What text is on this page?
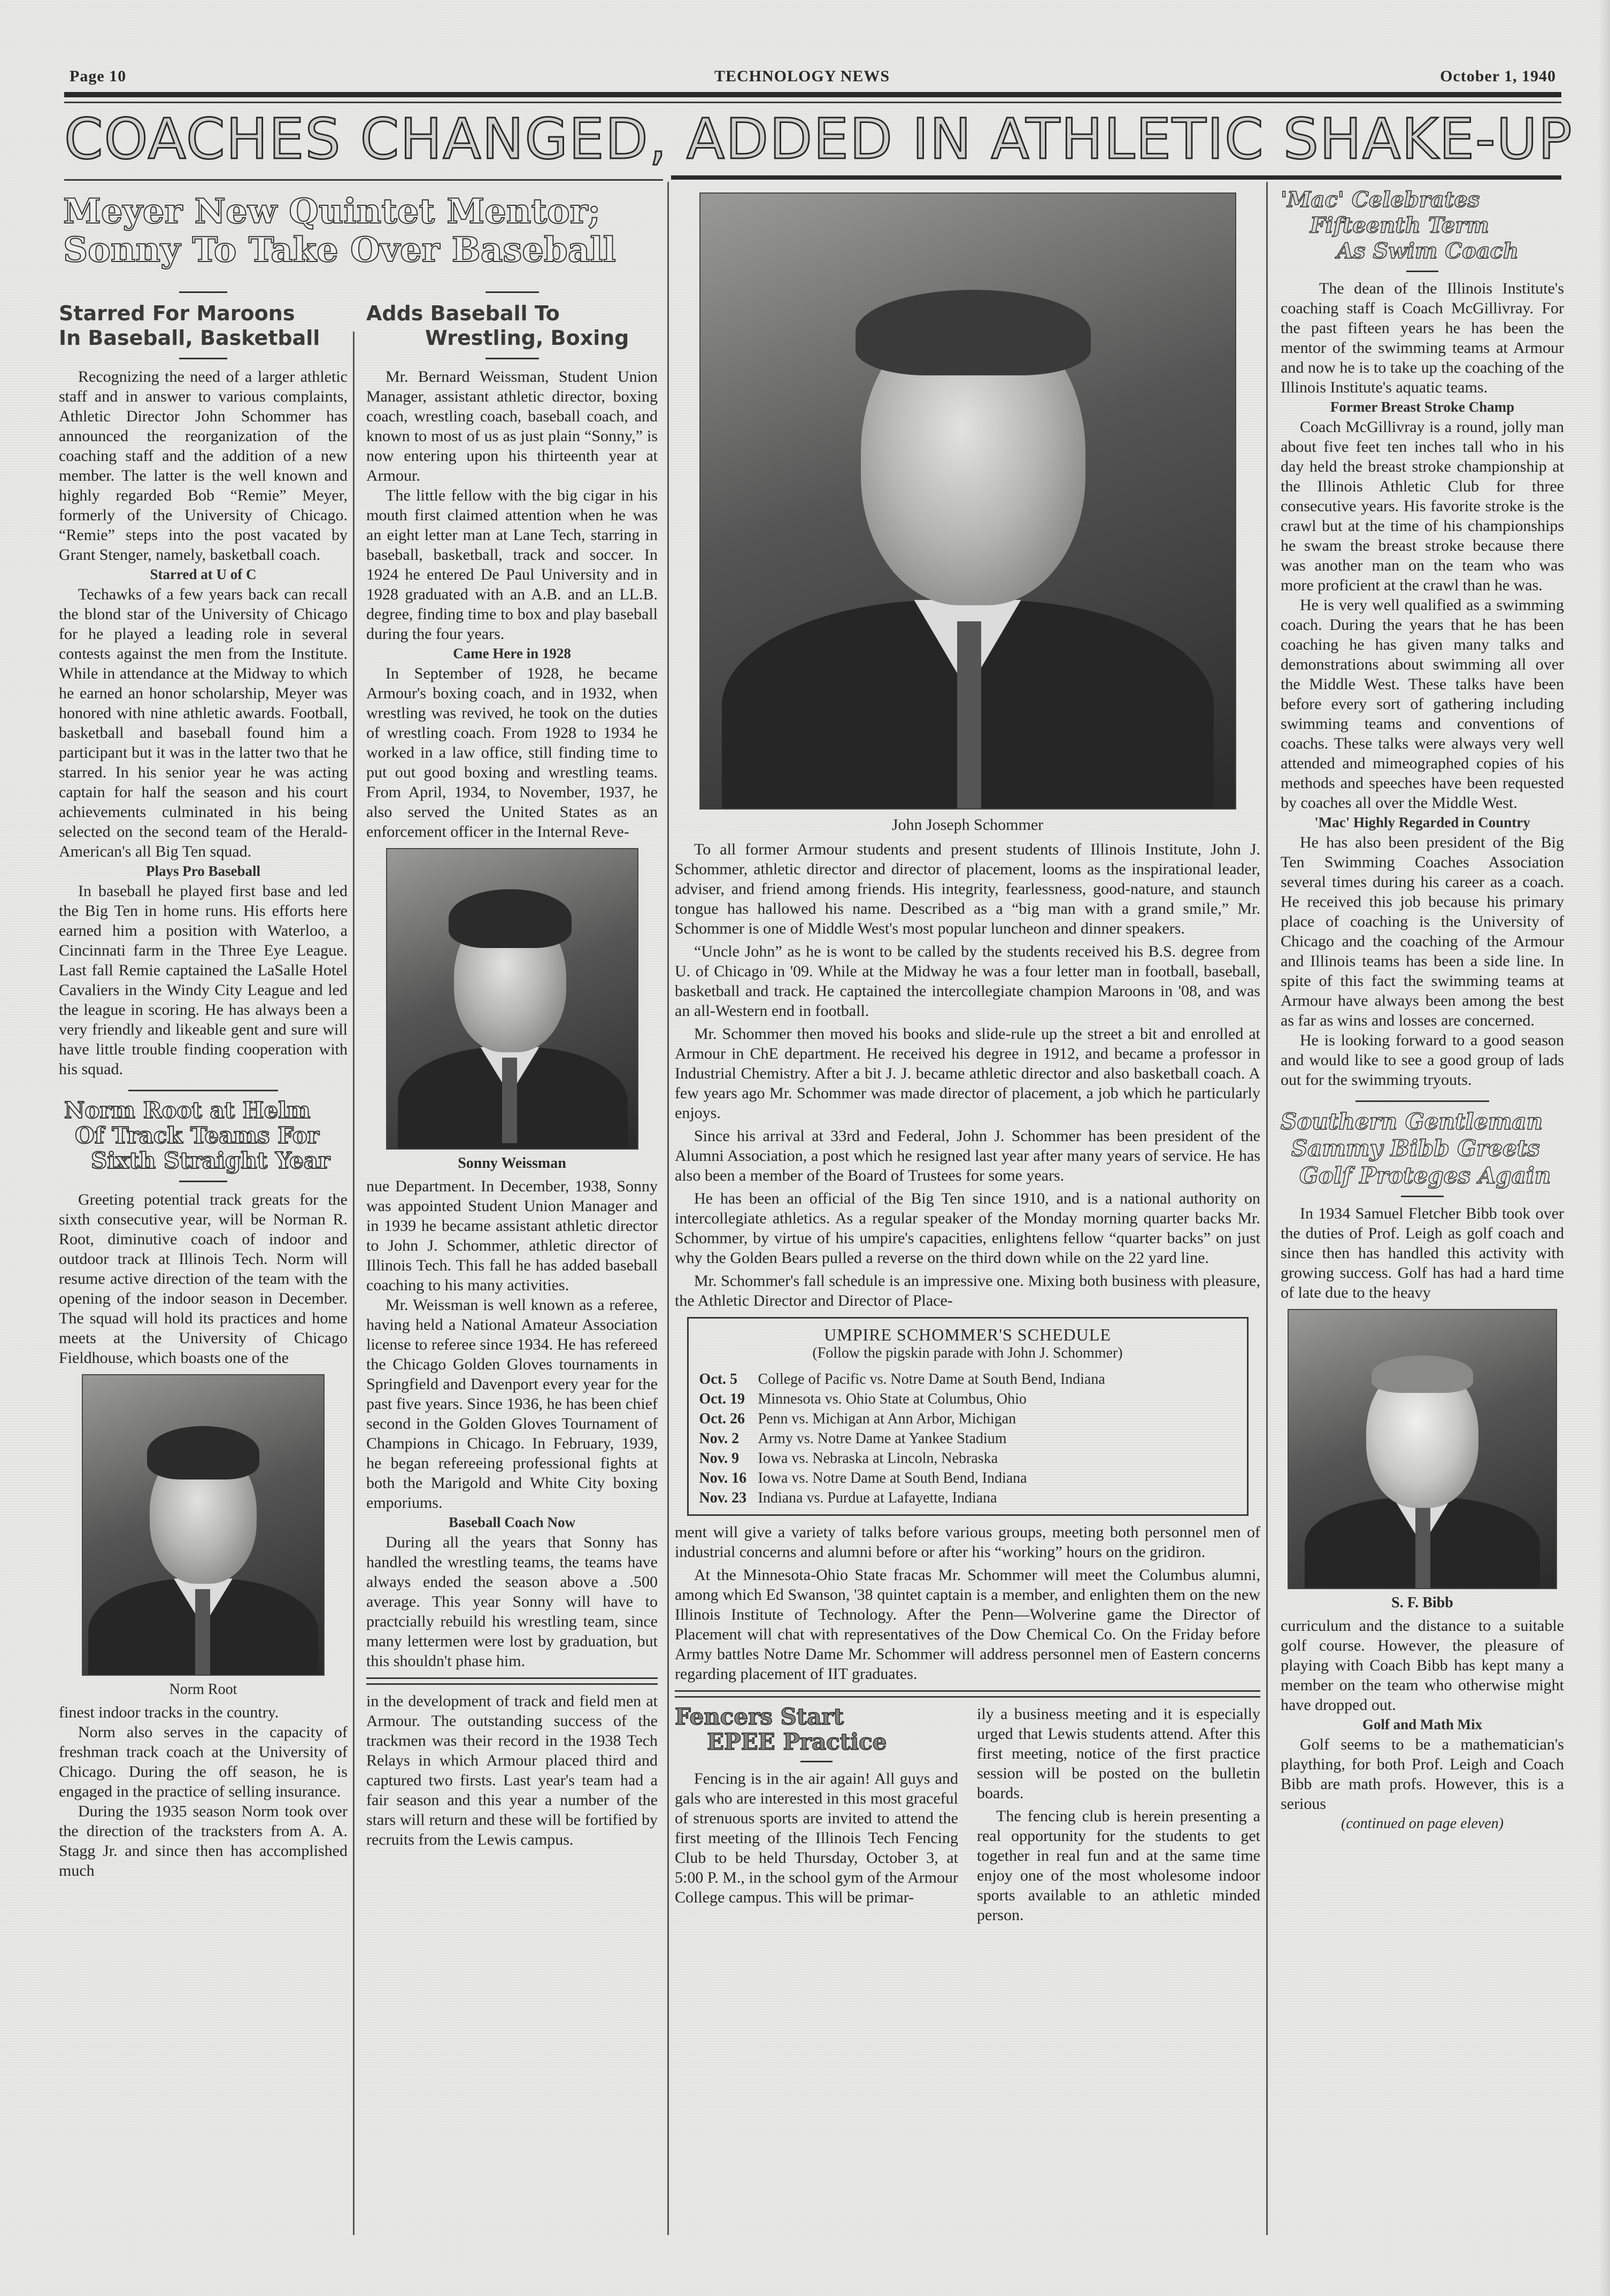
Page 10	TECHNOLOGY NEWS	October 1, 1940
COACHES CHANGED, ADDED IN ATHLETIC SHAKE-UP
Meyer New Quintet Mentor;
Sonny To Take Over Baseball
Starred For Maroons
In Baseball, Basketball

Recognizing the need of a larger athletic staff and in answer to various complaints, Athletic Director John Schommer has announced the reorganization of the coaching staff and the addition of a new member. The latter is the well known and highly regarded Bob “Remie” Meyer, formerly of the University of Chicago. “Remie” steps into the post vacated by Grant Stenger, namely, basketball coach.

Starred at U of C

Techawks of a few years back can recall the blond star of the University of Chicago for he played a leading role in several contests against the men from the Institute. While in attendance at the Midway to which he earned an honor scholarship, Meyer was honored with nine athletic awards. Football, basketball and baseball found him a participant but it was in the latter two that he starred. In his senior year he was acting captain for half the season and his court achievements culminated in his being selected on the second team of the Herald-American's all Big Ten squad.

Plays Pro Baseball

In baseball he played first base and led the Big Ten in home runs. His efforts here earned him a position with Waterloo, a Cincinnati farm in the Three Eye League. Last fall Remie captained the LaSalle Hotel Cavaliers in the Windy City League and led the league in scoring. He has always been a very friendly and likeable gent and sure will have little trouble finding cooperation with his squad.

Norm Root at Helm
Of Track Teams For
Sixth Straight Year

Greeting potential track greats for the sixth consecutive year, will be Norman R. Root, diminutive coach of indoor and outdoor track at Illinois Tech. Norm will resume active direction of the team with the opening of the indoor season in December. The squad will hold its practices and home meets at the University of Chicago Fieldhouse, which boasts one of the

Norm Root

finest indoor tracks in the country.

Norm also serves in the capacity of freshman track coach at the University of Chicago. During the off season, he is engaged in the practice of selling insurance.

During the 1935 season Norm took over the direction of the tracksters from A. A. Stagg Jr. and since then has accomplished much

Adds Baseball To
Wrestling, Boxing

Mr. Bernard Weissman, Student Union Manager, assistant athletic director, boxing coach, wrestling coach, baseball coach, and known to most of us as just plain “Sonny,” is now entering upon his thirteenth year at Armour.

The little fellow with the big cigar in his mouth first claimed attention when he was an eight letter man at Lane Tech, starring in baseball, basketball, track and soccer. In 1924 he entered De Paul University and in 1928 graduated with an A.B. and an LL.B. degree, finding time to box and play baseball during the four years.

Came Here in 1928

In September of 1928, he became Armour's boxing coach, and in 1932, when wrestling was revived, he took on the duties of wrestling coach. From 1928 to 1934 he worked in a law office, still finding time to put out good boxing and wrestling teams. From April, 1934, to November, 1937, he also served the United States as an enforcement officer in the Internal Reve-

Sonny Weissman

nue Department. In December, 1938, Sonny was appointed Student Union Manager and in 1939 he became assistant athletic director to John J. Schommer, athletic director of Illinois Tech. This fall he has added baseball coaching to his many activities.

Mr. Weissman is well known as a referee, having held a National Amateur Association license to referee since 1934. He has refereed the Chicago Golden Gloves tournaments in Springfield and Davenport every year for the past five years. Since 1936, he has been chief second in the Golden Gloves Tournament of Champions in Chicago. In February, 1939, he began refereeing professional fights at both the Marigold and White City boxing emporiums.

Baseball Coach Now

During all the years that Sonny has handled the wrestling teams, the teams have always ended the season above a .500 average. This year Sonny will have to practcially rebuild his wrestling team, since many lettermen were lost by graduation, but this shouldn't phase him.

in the development of track and field men at Armour. The outstanding success of the trackmen was their record in the 1938 Tech Relays in which Armour placed third and captured two firsts. Last year's team had a fair season and this year a number of the stars will return and these will be fortified by recruits from the Lewis campus.

John Joseph Schommer

To all former Armour students and present students of Illinois Institute, John J. Schommer, athletic director and director of placement, looms as the inspirational leader, adviser, and friend among friends. His integrity, fearlessness, good-nature, and staunch tongue has hallowed his name. Described as a “big man with a grand smile,” Mr. Schommer is one of Middle West's most popular luncheon and dinner speakers.

“Uncle John” as he is wont to be called by the students received his B.S. degree from U. of Chicago in '09. While at the Midway he was a four letter man in football, baseball, basketball and track. He captained the intercollegiate champion Maroons in '08, and was an all-Western end in football.

Mr. Schommer then moved his books and slide-rule up the street a bit and enrolled at Armour in ChE department. He received his degree in 1912, and became a professor in Industrial Chemistry. After a bit J. J. became athletic director and also basketball coach. A few years ago Mr. Schommer was made director of placement, a job which he particularly enjoys.

Since his arrival at 33rd and Federal, John J. Schommer has been president of the Alumni Association, a post which he resigned last year after many years of service. He has also been a member of the Board of Trustees for some years.

He has been an official of the Big Ten since 1910, and is a national authority on intercollegiate athletics. As a regular speaker of the Monday morning quarter backs Mr. Schommer, by virtue of his umpire's capacities, enlightens fellow “quarter backs” on just why the Golden Bears pulled a reverse on the third down while on the 22 yard line.

Mr. Schommer's fall schedule is an impressive one. Mixing both business with pleasure, the Athletic Director and Director of Place-

UMPIRE SCHOMMER'S SCHEDULE
(Follow the pigskin parade with John J. Schommer)
Oct. 5	College of Pacific vs. Notre Dame at South Bend, Indiana
Oct. 19 Minnesota vs. Ohio State at Columbus, Ohio
Oct. 26 Penn vs. Michigan at Ann Arbor, Michigan
Nov. 2	Army vs. Notre Dame at Yankee Stadium
Nov. 9	Iowa vs. Nebraska at Lincoln, Nebraska
Nov. 16 Iowa vs. Notre Dame at South Bend, Indiana
Nov. 23 Indiana vs. Purdue at Lafayette, Indiana

ment will give a variety of talks before various groups, meeting both personnel men of industrial concerns and alumni before or after his “working” hours on the gridiron.

At the Minnesota-Ohio State fracas Mr. Schommer will meet the Columbus alumni, among which Ed Swanson, '38 quintet captain is a member, and enlighten them on the new Illinois Institute of Technology. After the Penn—Wolverine game the Director of Placement will chat with representatives of the Dow Chemical Co. On the Friday before Army battles Notre Dame Mr. Schommer will address personnel men of Eastern concerns regarding placement of IIT graduates.

Fencers Start
EPEE Practice

Fencing is in the air again! All guys and gals who are interested in this most graceful of strenuous sports are invited to attend the first meeting of the Illinois Tech Fencing Club to be held Thursday, October 3, at 5:00 P. M., in the school gym of the Armour College campus. This will be primar-

ily a business meeting and it is especially urged that Lewis students attend. After this first meeting, notice of the first practice session will be posted on the bulletin boards.

The fencing club is herein presenting a real opportunity for the students to get together in real fun and at the same time enjoy one of the most wholesome indoor sports available to an athletic minded person.

'Mac' Celebrates
Fifteenth Term
As Swim Coach

The dean of the Illinois Institute's coaching staff is Coach McGillivray. For the past fifteen years he has been the mentor of the swimming teams at Armour and now he is to take up the coaching of the Illinois Institute's aquatic teams.

Former Breast Stroke Champ

Coach McGillivray is a round, jolly man about five feet ten inches tall who in his day held the breast stroke championship at the Illinois Athletic Club for three consecutive years. His favorite stroke is the crawl but at the time of his championships he swam the breast stroke because there was another man on the team who was more proficient at the crawl than he was.

He is very well qualified as a swimming coach. During the years that he has been coaching he has given many talks and demonstrations about swimming all over the Middle West. These talks have been before every sort of gathering including swimming teams and conventions of coachs. These talks were always very well attended and mimeographed copies of his methods and speeches have been requested by coaches all over the Middle West.

'Mac' Highly Regarded in Country

He has also been president of the Big Ten Swimming Coaches Association several times during his career as a coach. He received this job because his primary place of coaching is the University of Chicago and the coaching of the Armour and Illinois teams has been a side line. In spite of this fact the swimming teams at Armour have always been among the best as far as wins and losses are concerned.

He is looking forward to a good season and would like to see a good group of lads out for the swimming tryouts.

Southern Gentleman
Sammy Bibb Greets
Golf Proteges Again

In 1934 Samuel Fletcher Bibb took over the duties of Prof. Leigh as golf coach and since then has handled this activity with growing success. Golf has had a hard time of late due to the heavy

S. F. Bibb

curriculum and the distance to a suitable golf course. However, the pleasure of playing with Coach Bibb has kept many a member on the team who otherwise might have dropped out.

Golf and Math Mix

Golf seems to be a mathematician's plaything, for both Prof. Leigh and Coach Bibb are math profs. However, this is a serious

(continued on page eleven)
